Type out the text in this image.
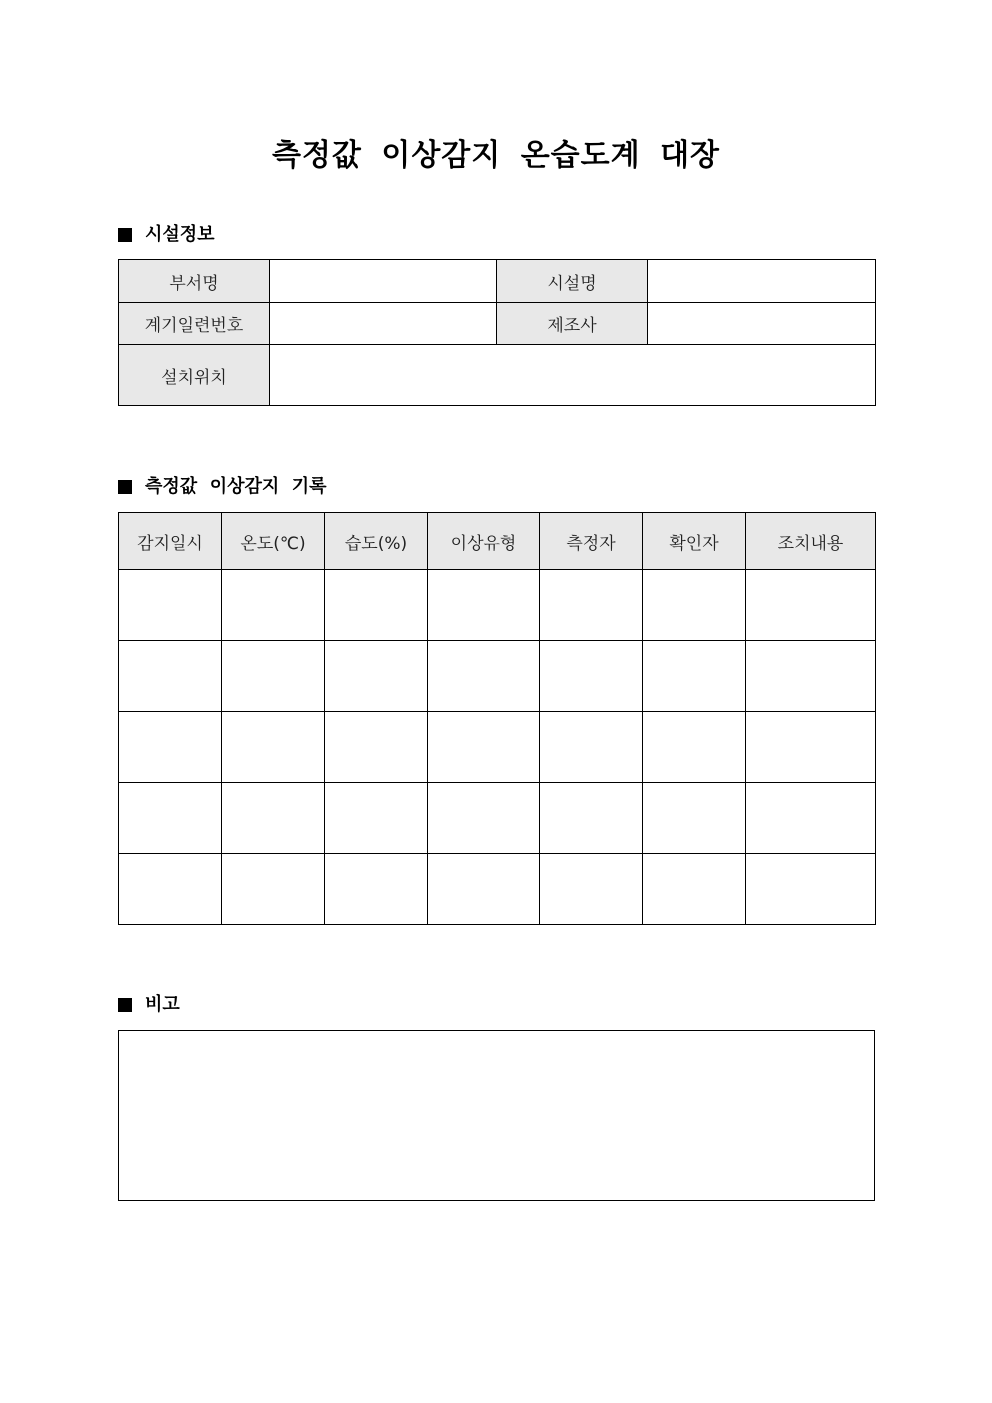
측정값 이상감지 온습도계 대장
시설정보
부서명		시설명	
계기일련번호		제조사	
설치위치			
측정값  이상감지  기록
감지일시	온도(℃)	습도(%)	이상유형	측정자	확인자	조치내용

비고
